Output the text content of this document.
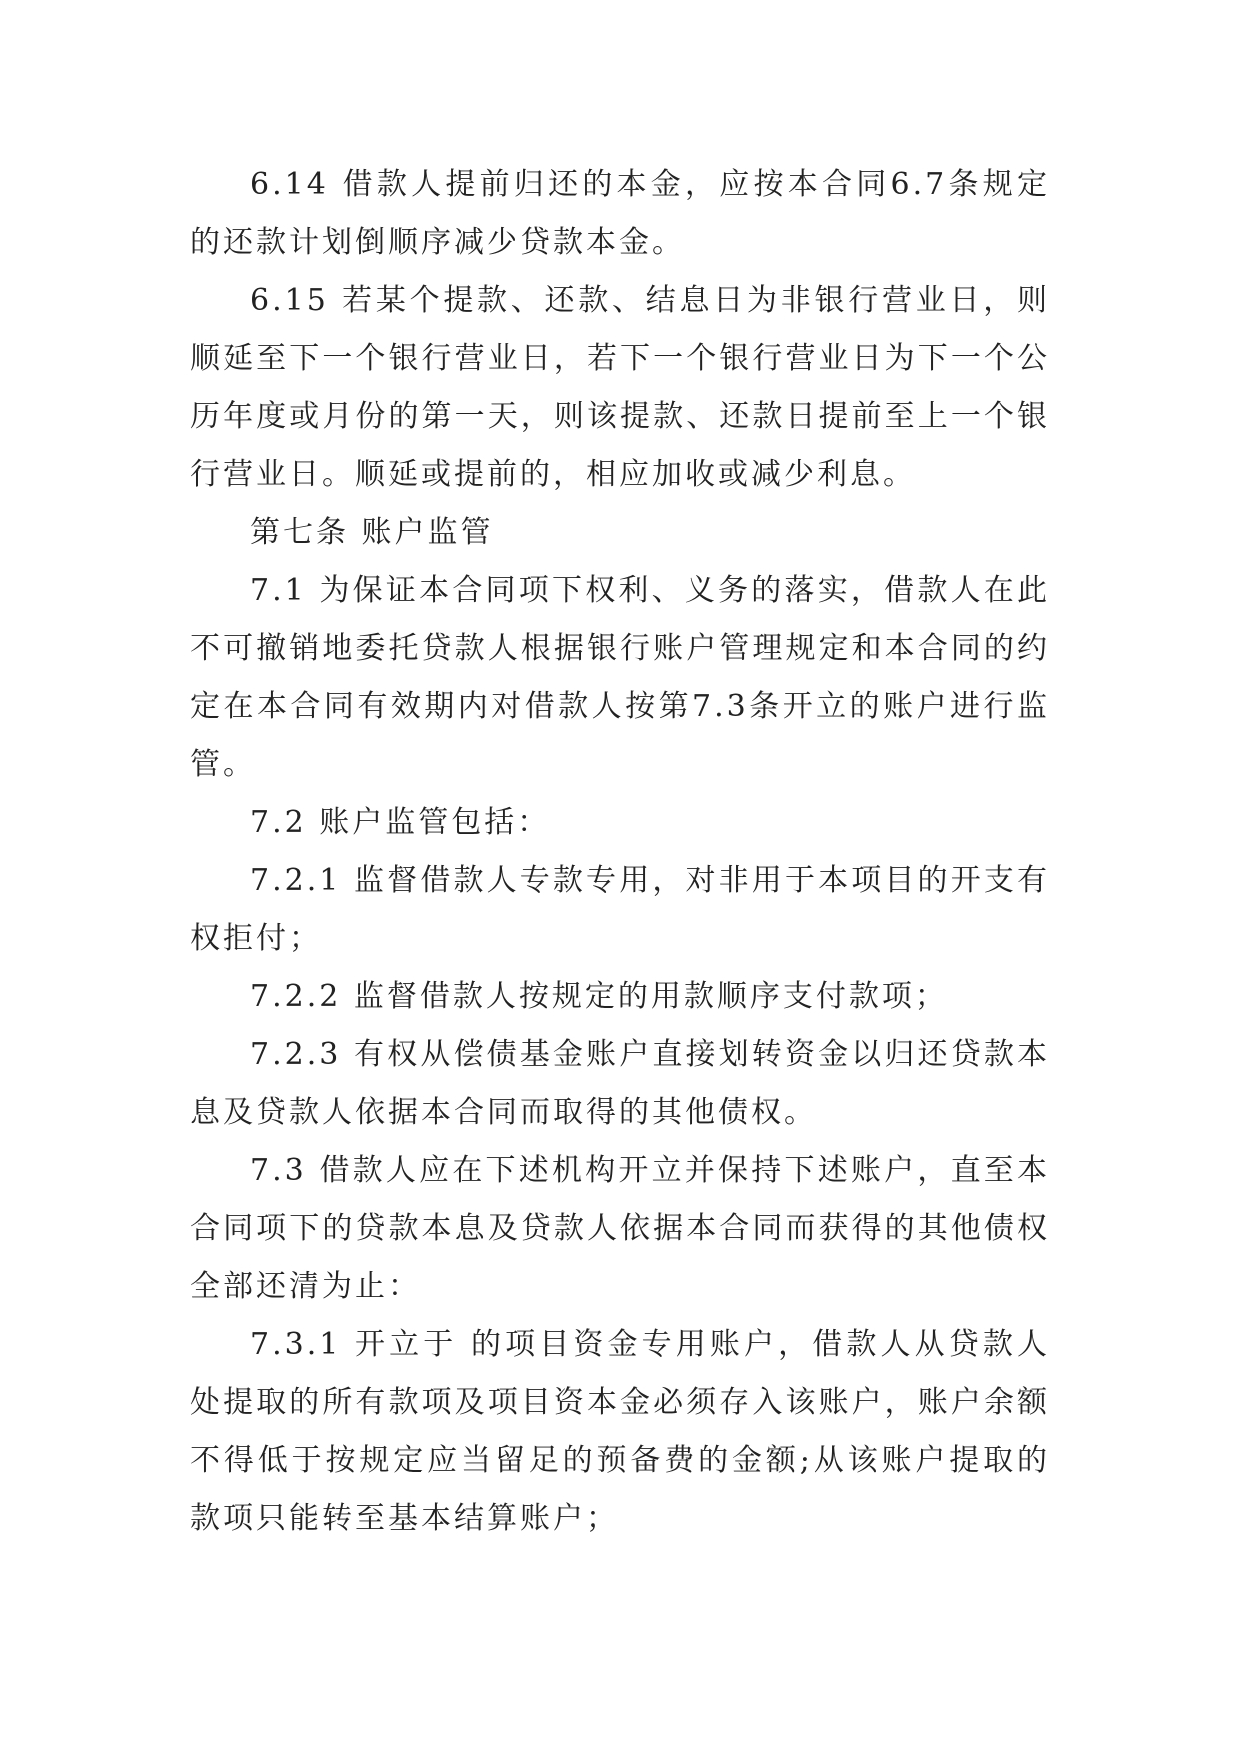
6.14 借款人提前归还的本金，应按本合同6.7条规定的还款计划倒顺序减少贷款本金。

6.15 若某个提款、还款、结息日为非银行营业日，则顺延至下一个银行营业日，若下一个银行营业日为下一个公历年度或月份的第一天，则该提款、还款日提前至上一个银行营业日。顺延或提前的，相应加收或减少利息。

第七条 账户监管

7.1 为保证本合同项下权利、义务的落实，借款人在此不可撤销地委托贷款人根据银行账户管理规定和本合同的约定在本合同有效期内对借款人按第7.3条开立的账户进行监管。

7.2 账户监管包括：

7.2.1 监督借款人专款专用，对非用于本项目的开支有权拒付；

7.2.2 监督借款人按规定的用款顺序支付款项；

7.2.3 有权从偿债基金账户直接划转资金以归还贷款本息及贷款人依据本合同而取得的其他债权。

7.3 借款人应在下述机构开立并保持下述账户，直至本合同项下的贷款本息及贷款人依据本合同而获得的其他债权全部还清为止：

7.3.1 开立于 的项目资金专用账户，借款人从贷款人处提取的所有款项及项目资本金必须存入该账户，账户余额不得低于按规定应当留足的预备费的金额;从该账户提取的款项只能转至基本结算账户；
